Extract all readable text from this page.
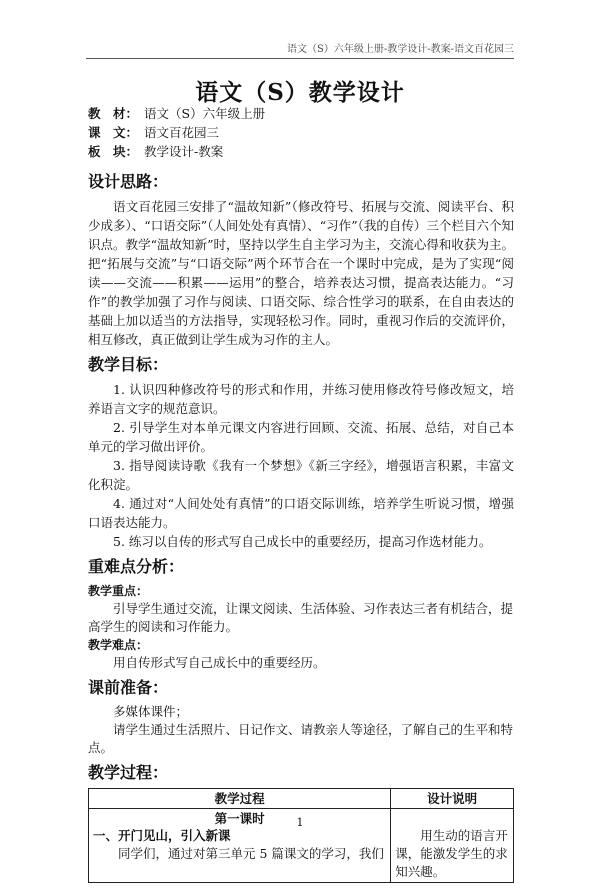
语文（S）六年级上册-教学设计-教案-语文百花园三
语文（S）教学设计
教　材： 语文（S）六年级上册
课　文： 语文百花园三
板　块： 教学设计-教案
设计思路：

语文百花园三安排了“温故知新”（修改符号、拓展与交流、阅读平台、积少成多）、“口语交际”（人间处处有真情）、“习作”（我的自传）三个栏目六个知识点。教学“温故知新”时，坚持以学生自主学习为主，交流心得和收获为主。把“拓展与交流”与“口语交际”两个环节合在一个课时中完成，是为了实现“阅读——交流——积累——运用”的整合，培养表达习惯，提高表达能力。“习作”的教学加强了习作与阅读、口语交际、综合性学习的联系，在自由表达的基础上加以适当的方法指导，实现轻松习作。同时，重视习作后的交流评价，相互修改，真正做到让学生成为习作的主人。

教学目标：

1. 认识四种修改符号的形式和作用，并练习使用修改符号修改短文，培养语言文字的规范意识。

2. 引导学生对本单元课文内容进行回顾、交流、拓展、总结，对自己本单元的学习做出评价。

3. 指导阅读诗歌《我有一个梦想》《新三字经》，增强语言积累，丰富文化积淀。

4. 通过对“人间处处有真情”的口语交际训练，培养学生听说习惯，增强口语表达能力。

5. 练习以自传的形式写自己成长中的重要经历，提高习作选材能力。

重难点分析：

教学重点：

引导学生通过交流，让课文阅读、生活体验、习作表达三者有机结合，提高学生的阅读和习作能力。

教学难点：

用自传形式写自己成长中的重要经历。

课前准备：

多媒体课件；

请学生通过生活照片、日记作文、请教亲人等途径，了解自己的生平和特点。

教学过程：
教学过程	设计说明

第一课时
一、开门见山，引入新课

同学们，通过对第三单元 5 篇课文的学习，我们	用生动的语言开课，能激发学生的求知兴趣。

1
